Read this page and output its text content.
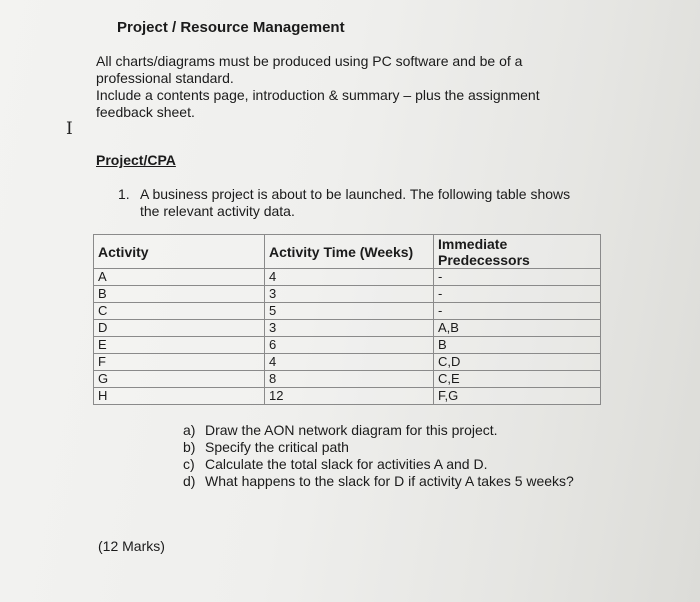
Project / Resource Management

All charts/diagrams must be produced using PC software and be of a

professional standard.

Include a contents page, introduction & summary – plus the assignment

feedback sheet.

I
Project/CPA
1. A business project is about to be launched. The following table shows
the relevant activity data.
Activity	Activity Time (Weeks)	Immediate
Predecessors

A	4	-
B	3	-
C	5	-
D	3	A,B
E	6	B
F	4	C,D
G	8	C,E
H	12	F,G
a) Draw the AON network diagram for this project.
b) Specify the critical path
c) Calculate the total slack for activities A and D.
d) What happens to the slack for D if activity A takes 5 weeks?
(12 Marks)
